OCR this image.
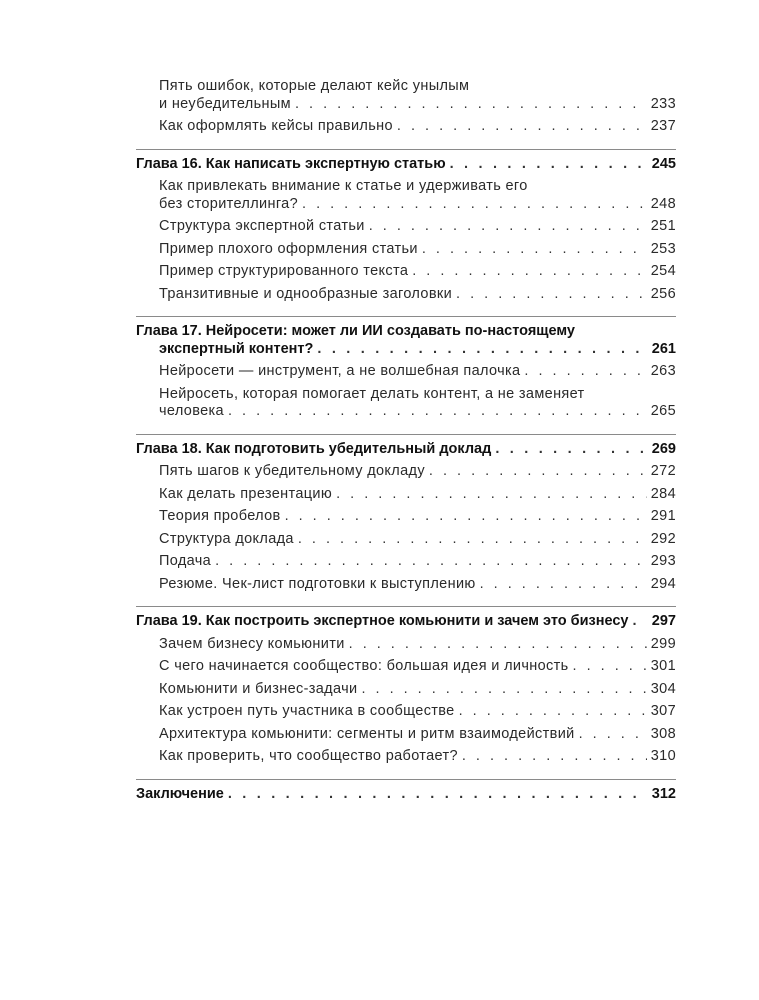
Пять ошибок, которые делают кейс унылым
и неубедительным . . .	233
Как оформлять кейсы правильно . . .	237
Глава 16. Как написать экспертную статью . . .	245
Как привлекать внимание к статье и удерживать его
без сторителлинга? . . .	248
Структура экспертной статьи . . .	251
Пример плохого оформления статьи . . .	253
Пример структурированного текста . . .	254
Транзитивные и однообразные заголовки . . .	256
Глава 17. Нейросети: может ли ИИ создавать по-настоящему
экспертный контент? . . .	261
Нейросети — инструмент, а не волшебная палочка . . .	263
Нейросеть, которая помогает делать контент, а не заменяет
человека . . .	265
Глава 18. Как подготовить убедительный доклад . . .	269
Пять шагов к убедительному докладу . . .	272
Как делать презентацию . . .	284
Теория пробелов . . .	291
Структура доклада . . .	292
Подача . . .	293
Резюме. Чек-лист подготовки к выступлению . . .	294
Глава 19. Как построить экспертное комьюнити и зачем это бизнесу . . . 297
Зачем бизнесу комьюнити . . .	299
С чего начинается сообщество: большая идея и личность . . .	301
Комьюнити и бизнес-задачи . . .	304
Как устроен путь участника в сообществе . . .	307
Архитектура комьюнити: сегменты и ритм взаимодействий . . .	308
Как проверить, что сообщество работает? . . .	310
Заключение . . .	312
